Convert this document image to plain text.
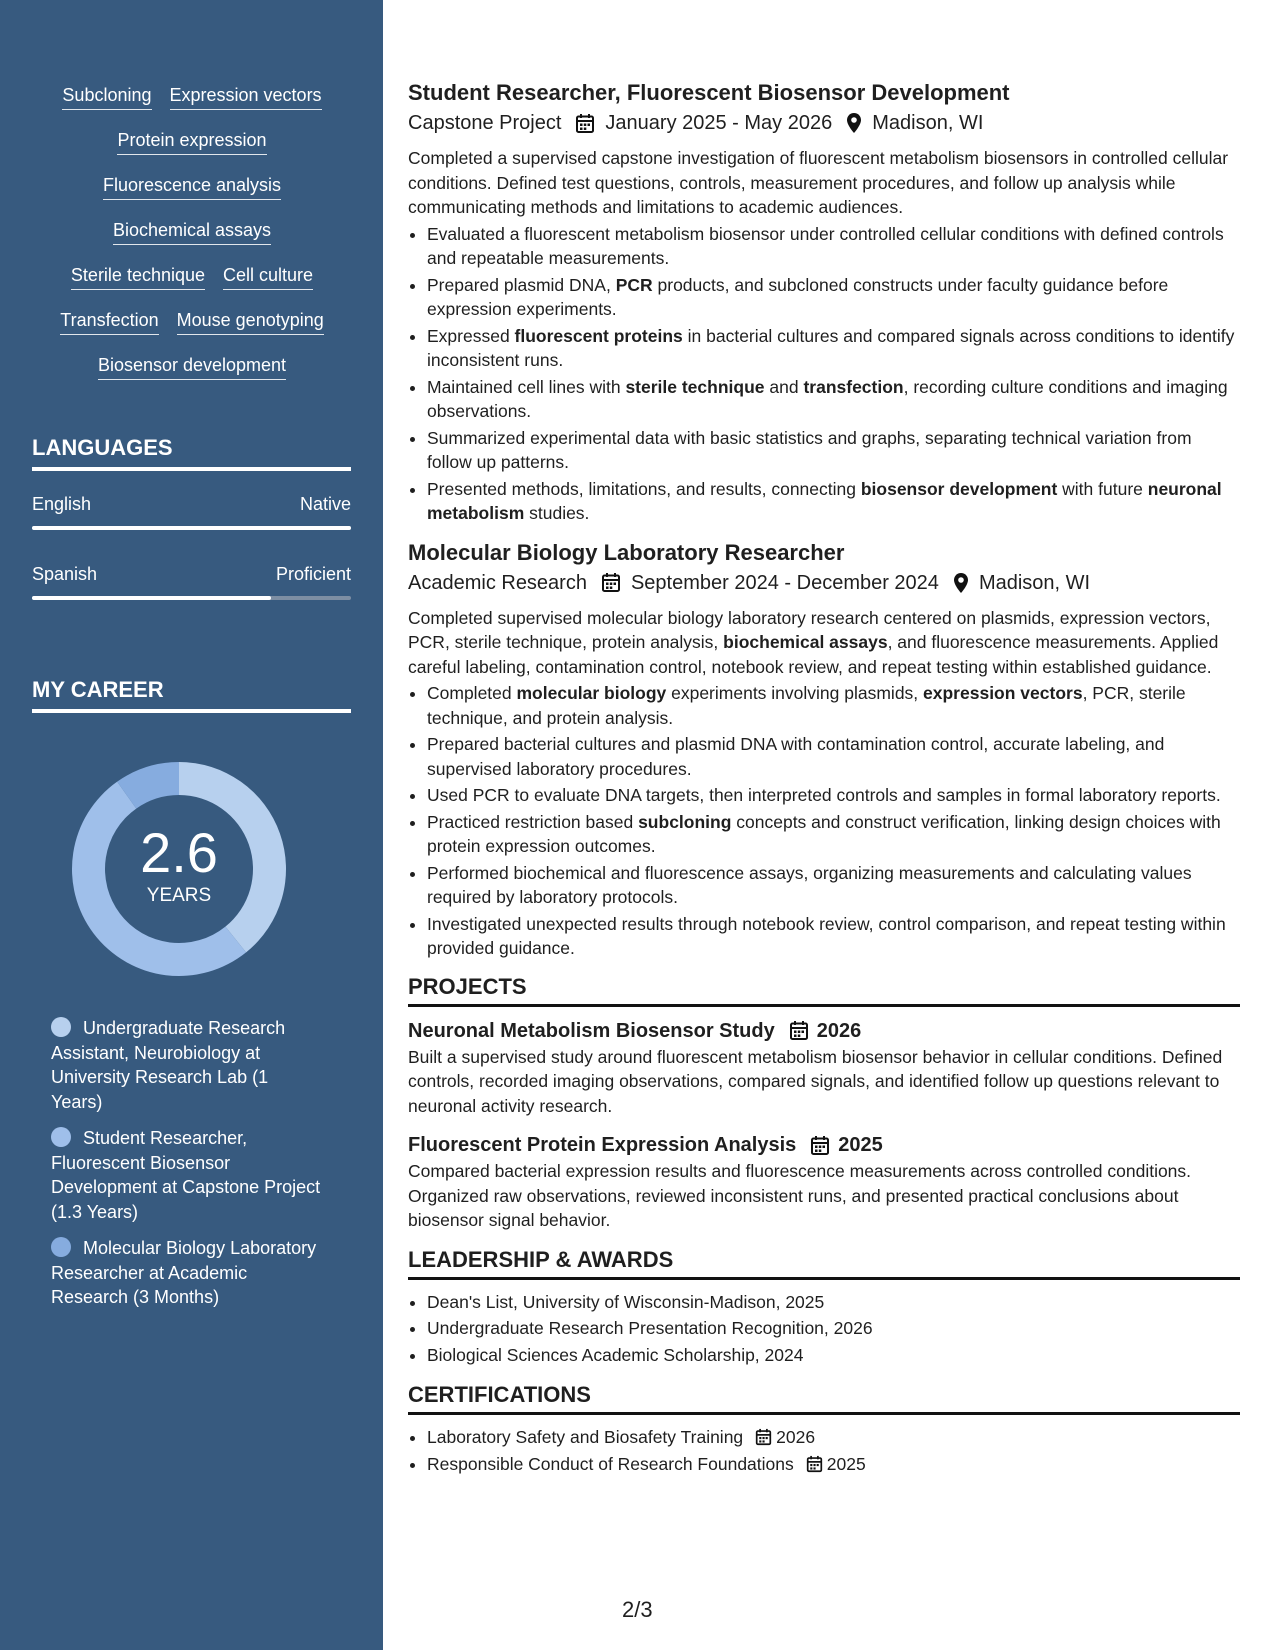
Subcloning Expression vectors
Protein expression
Fluorescence analysis
Biochemical assays
Sterile technique Cell culture
Transfection Mouse genotyping
Biosensor development
LANGUAGES
English	Native
Spanish	Proficient
MY CAREER
2.6
YEARS
Undergraduate Research Assistant, Neurobiology at University Research Lab (1 Years)
Student Researcher, Fluorescent Biosensor Development at Capstone Project (1.3 Years)
Molecular Biology Laboratory Researcher at Academic Research (3 Months)
Student Researcher, Fluorescent Biosensor Development
Capstone Project January 2025 - May 2026 Madison, WI

Completed a supervised capstone investigation of fluorescent metabolism biosensors in controlled cellular conditions. Defined test questions, controls, measurement procedures, and follow up analysis while communicating methods and limitations to academic audiences.

• Evaluated a fluorescent metabolism biosensor under controlled cellular conditions with defined controls and repeatable measurements.
• Prepared plasmid DNA, PCR products, and subcloned constructs under faculty guidance before expression experiments.
• Expressed fluorescent proteins in bacterial cultures and compared signals across conditions to identify inconsistent runs.
• Maintained cell lines with sterile technique and transfection, recording culture conditions and imaging observations.
• Summarized experimental data with basic statistics and graphs, separating technical variation from follow up patterns.
• Presented methods, limitations, and results, connecting biosensor development with future neuronal metabolism studies.
Molecular Biology Laboratory Researcher
Academic Research September 2024 - December 2024 Madison, WI

Completed supervised molecular biology laboratory research centered on plasmids, expression vectors, PCR, sterile technique, protein analysis, biochemical assays, and fluorescence measurements. Applied careful labeling, contamination control, notebook review, and repeat testing within established guidance.

• Completed molecular biology experiments involving plasmids, expression vectors, PCR, sterile technique, and protein analysis.
• Prepared bacterial cultures and plasmid DNA with contamination control, accurate labeling, and supervised laboratory procedures.
• Used PCR to evaluate DNA targets, then interpreted controls and samples in formal laboratory reports.
• Practiced restriction based subcloning concepts and construct verification, linking design choices with protein expression outcomes.
• Performed biochemical and fluorescence assays, organizing measurements and calculating values required by laboratory protocols.
• Investigated unexpected results through notebook review, control comparison, and repeat testing within provided guidance.
PROJECTS
Neuronal Metabolism Biosensor Study 2026

Built a supervised study around fluorescent metabolism biosensor behavior in cellular conditions. Defined controls, recorded imaging observations, compared signals, and identified follow up questions relevant to neuronal activity research.

Fluorescent Protein Expression Analysis 2025

Compared bacterial expression results and fluorescence measurements across controlled conditions. Organized raw observations, reviewed inconsistent runs, and presented practical conclusions about biosensor signal behavior.

LEADERSHIP & AWARDS
• Dean's List, University of Wisconsin-Madison, 2025
• Undergraduate Research Presentation Recognition, 2026
• Biological Sciences Academic Scholarship, 2024
CERTIFICATIONS
• Laboratory Safety and Biosafety Training 2026
• Responsible Conduct of Research Foundations 2025
2/3
